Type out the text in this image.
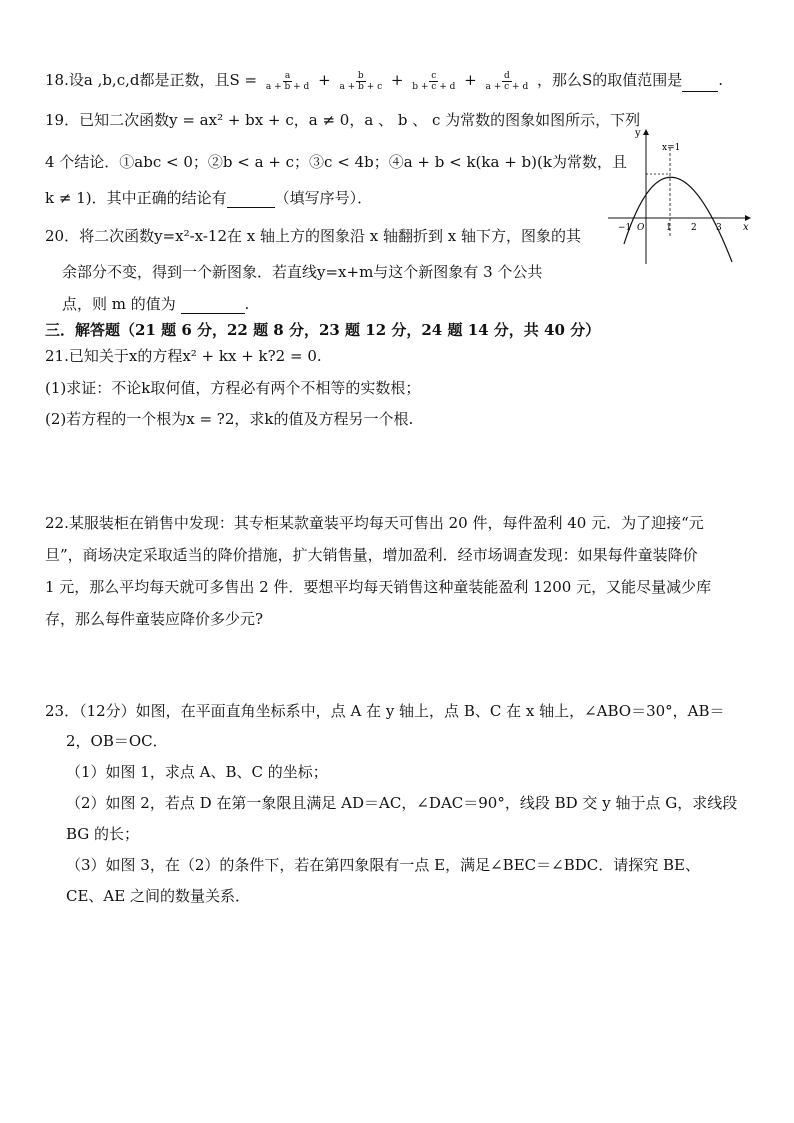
18.设a ,b,c,d都是正数，且$S = \frac{a}{a + b + d} + \frac{b}{a + b + c} + \frac{c}{b + c + d} + \frac{d}{a + c + d}$ ，那么S的取值范围是 .
19．已知二次函数y = ax² + bx + c，a ≠ 0，a 、 b 、 c 为常数的图象如图所示，下列
4 个结论．①abc < 0；②b < a + c；③c < 4b；④a + b < k(ka + b)(k为常数，且
k ≠ 1)．其中正确的结论有	（填写序号）．
20．将二次函数y=x²-x-12在 x 轴上方的图象沿 x 轴翻折到 x 轴下方，图象的其
余部分不变，得到一个新图象．若直线y=x+m与这个新图象有 3 个公共
点，则 m 的值为	.
三．解答题（21 题 6 分，22 题 8 分，23 题 12 分，24 题 14 分，共 40 分）
21.已知关于x的方程x² + kx + k?2 = 0.
(1)求证：不论k取何值，方程必有两个不相等的实数根；
(2)若方程的一个根为x = ?2，求k的值及方程另一个根.
22.某服装柜在销售中发现：其专柜某款童装平均每天可售出 20 件，每件盈利 40 元．为了迎接“元
旦”，商场决定采取适当的降价措施，扩大销售量，增加盈利．经市场调查发现：如果每件童装降价
1 元，那么平均每天就可多售出 2 件．要想平均每天销售这种童装能盈利 1200 元，又能尽量减少库
存，那么每件童装应降价多少元?
23．（12分）如图，在平面直角坐标系中，点 A 在 y 轴上，点 B、C 在 x 轴上，∠ABO＝30°，AB＝
2，OB＝OC．
（1）如图 1，求点 A、B、C 的坐标；
（2）如图 2，若点 D 在第一象限且满足 AD＝AC，∠DAC＝90°，线段 BD 交 y 轴于点 G，求线段
BG 的长；
（3）如图 3，在（2）的条件下，若在第四象限有一点 E，满足∠BEC＝∠BDC．请探究 BE、
CE、AE 之间的数量关系．
y
x
x=1
O
−1	1 2 3
